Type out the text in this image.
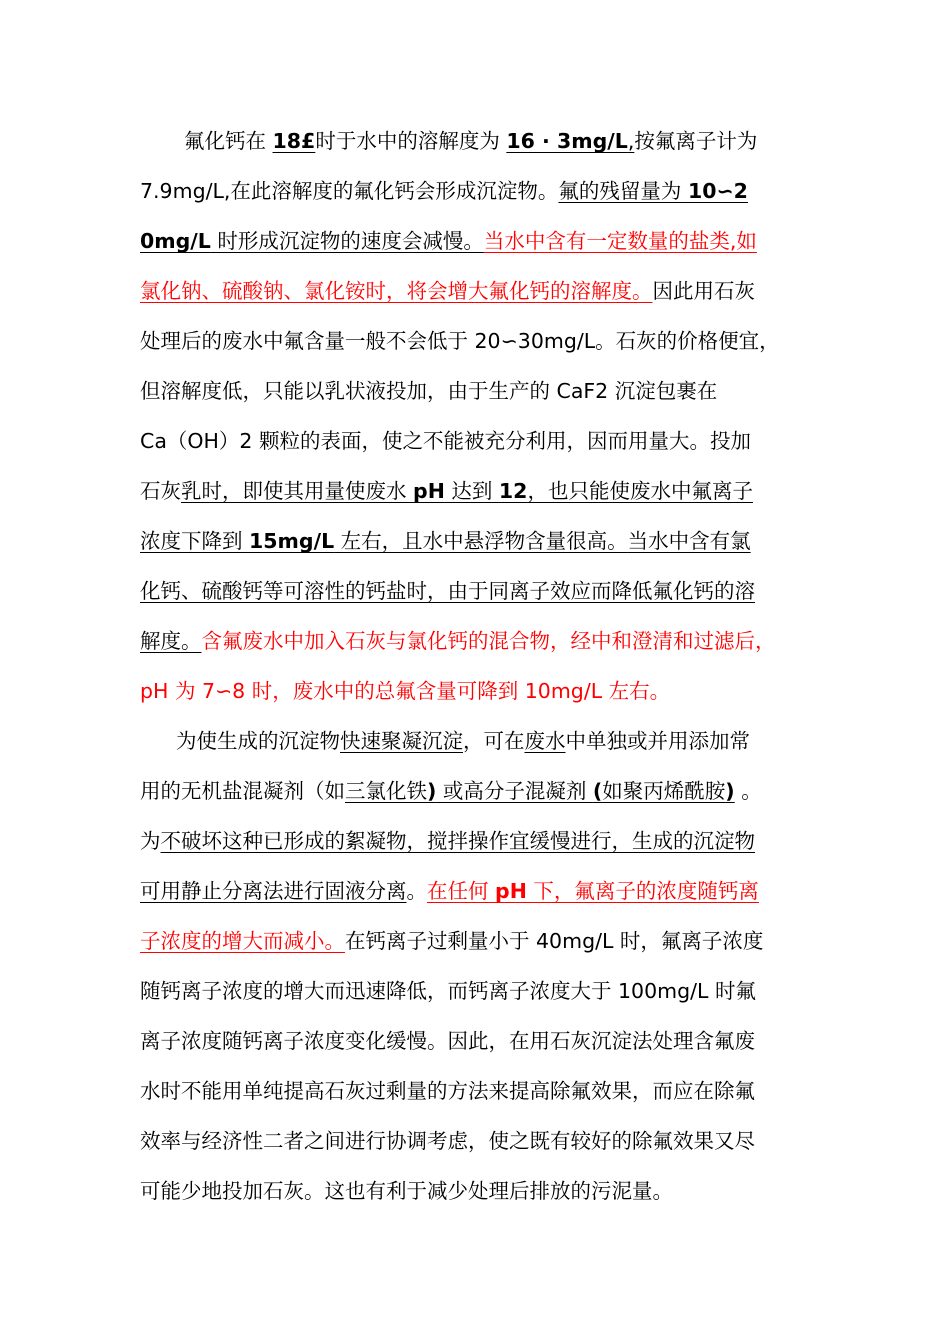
氟化钙在 18£时于水中的溶解度为 16 · 3mg/L,按氟离子计为
7.9mg/L,在此溶解度的氟化钙会形成沉淀物。氟的残留量为 10∽2
0mg/L 时形成沉淀物的速度会减慢。当水中含有一定数量的盐类,如
氯化钠、硫酸钠、氯化铵时，将会增大氟化钙的溶解度。因此用石灰
处理后的废水中氟含量一般不会低于 20∽30mg/L。石灰的价格便宜，
但溶解度低，只能以乳状液投加，由于生产的 CaF2 沉淀包裹在
Ca（OH）2 颗粒的表面，使之不能被充分利用，因而用量大。投加
石灰乳时，即使其用量使废水 pH 达到 12，也只能使废水中氟离子
浓度下降到 15mg/L 左右，且水中悬浮物含量很高。当水中含有氯
化钙、硫酸钙等可溶性的钙盐时，由于同离子效应而降低氟化钙的溶
解度。含氟废水中加入石灰与氯化钙的混合物，经中和澄清和过滤后，
pH 为 7∽8 时，废水中的总氟含量可降到 10mg/L 左右。
为使生成的沉淀物快速聚凝沉淀，可在废水中单独或并用添加常
用的无机盐混凝剂（如三氯化铁) 或高分子混凝剂 (如聚丙烯酰胺) 。
为不破坏这种已形成的絮凝物，搅拌操作宜缓慢进行，生成的沉淀物
可用静止分离法进行固液分离。在任何 pH 下，氟离子的浓度随钙离
子浓度的增大而减小。在钙离子过剩量小于 40mg/L 时，氟离子浓度
随钙离子浓度的增大而迅速降低，而钙离子浓度大于 100mg/L 时氟
离子浓度随钙离子浓度变化缓慢。因此，在用石灰沉淀法处理含氟废
水时不能用单纯提高石灰过剩量的方法来提高除氟效果，而应在除氟
效率与经济性二者之间进行协调考虑，使之既有较好的除氟效果又尽
可能少地投加石灰。这也有利于减少处理后排放的污泥量。
